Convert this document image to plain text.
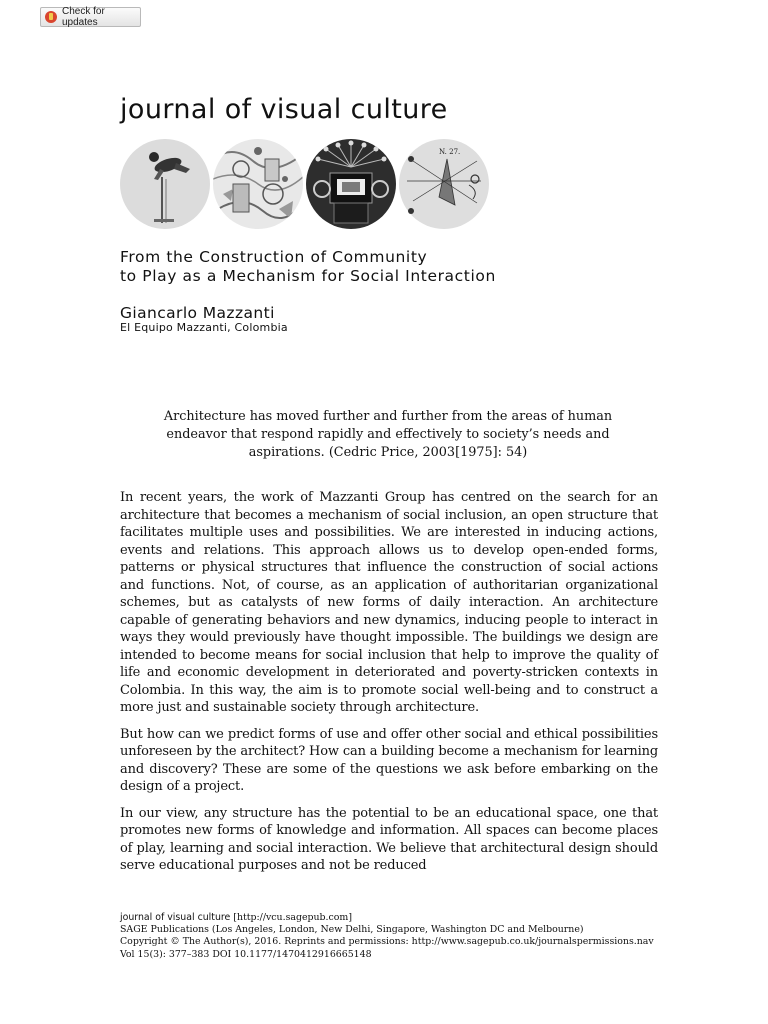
Check for updates
journal of visual culture
N. 27.
From the Construction of Community
to Play as a Mechanism for Social Interaction

Giancarlo Mazzanti

El Equipo Mazzanti, Colombia

Architecture has moved further and further from the areas of human endeavor that respond rapidly and effectively to society’s needs and aspirations. (Cedric Price, 2003[1975]: 54)

In recent years, the work of Mazzanti Group has centred on the search for an architecture that becomes a mechanism of social inclusion, an open structure that facilitates multiple uses and possibilities. We are interested in inducing actions, events and relations. This approach allows us to develop open-ended forms, patterns or physical structures that influence the construction of social actions and functions. Not, of course, as an application of authoritarian organizational schemes, but as catalysts of new forms of daily interaction. An architecture capable of generating behaviors and new dynamics, inducing people to interact in ways they would previously have thought impossible. The buildings we design are intended to become means for social inclusion that help to improve the quality of life and economic development in deteriorated and poverty-stricken contexts in Colombia. In this way, the aim is to promote social well-being and to construct a more just and sustainable society through architecture.

But how can we predict forms of use and offer other social and ethical possibilities unforeseen by the architect? How can a building become a mechanism for learning and discovery? These are some of the questions we ask before embarking on the design of a project.

In our view, any structure has the potential to be an educational space, one that promotes new forms of knowledge and information. All spaces can become places of play, learning and social interaction. We believe that architectural design should serve educational purposes and not be reduced

journal of visual culture [http://vcu.sagepub.com]
SAGE Publications (Los Angeles, London, New Delhi, Singapore, Washington DC and Melbourne)
Copyright © The Author(s), 2016. Reprints and permissions: http://www.sagepub.co.uk/journalspermissions.nav
Vol 15(3): 377–383 DOI 10.1177/1470412916665148
